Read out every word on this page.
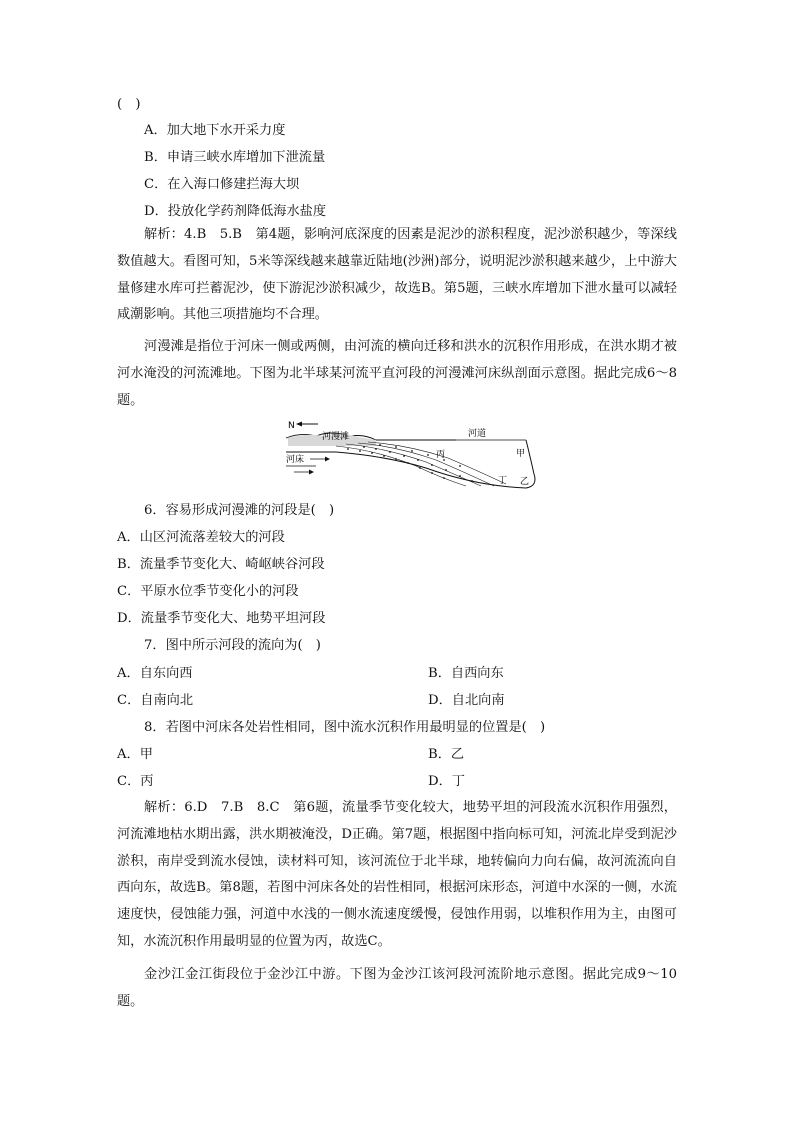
(　)
A．加大地下水开采力度
B．申请三峡水库增加下泄流量
C．在入海口修建拦海大坝
D．投放化学药剂降低海水盐度
解析：4.B　5.B　第4题，影响河底深度的因素是泥沙的淤积程度，泥沙淤积越少，等深线数值越大。看图可知，5米等深线越来越靠近陆地(沙洲)部分，说明泥沙淤积越来越少，上中游大量修建水库可拦蓄泥沙，使下游泥沙淤积减少，故选B。第5题，三峡水库增加下泄水量可以减轻咸潮影响。其他三项措施均不合理。
河漫滩是指位于河床一侧或两侧，由河流的横向迁移和洪水的沉积作用形成，在洪水期才被河水淹没的河流滩地。下图为北半球某河流平直河段的河漫滩河床纵剖面示意图。据此完成6～8题。
N
河漫滩	河道
河床
甲
乙
丙
丁
6．容易形成河漫滩的河段是(　)
A．山区河流落差较大的河段
B．流量季节变化大、崎岖峡谷河段
C．平原水位季节变化小的河段
D．流量季节变化大、地势平坦河段
7．图中所示河段的流向为(　)
A．自东向西	B．自西向东
C．自南向北	D．自北向南
8．若图中河床各处岩性相同，图中流水沉积作用最明显的位置是(　)
A．甲	B．乙
C．丙	D．丁
解析：6.D　7.B　8.C　第6题，流量季节变化较大，地势平坦的河段流水沉积作用强烈，河流滩地枯水期出露，洪水期被淹没，D正确。第7题，根据图中指向标可知，河流北岸受到泥沙淤积，南岸受到流水侵蚀，读材料可知，该河流位于北半球，地转偏向力向右偏，故河流流向自西向东，故选B。第8题，若图中河床各处的岩性相同，根据河床形态，河道中水深的一侧，水流速度快，侵蚀能力强，河道中水浅的一侧水流速度缓慢，侵蚀作用弱，以堆积作用为主，由图可知，水流沉积作用最明显的位置为丙，故选C。
金沙江金江街段位于金沙江中游。下图为金沙江该河段河流阶地示意图。据此完成9～10题。
